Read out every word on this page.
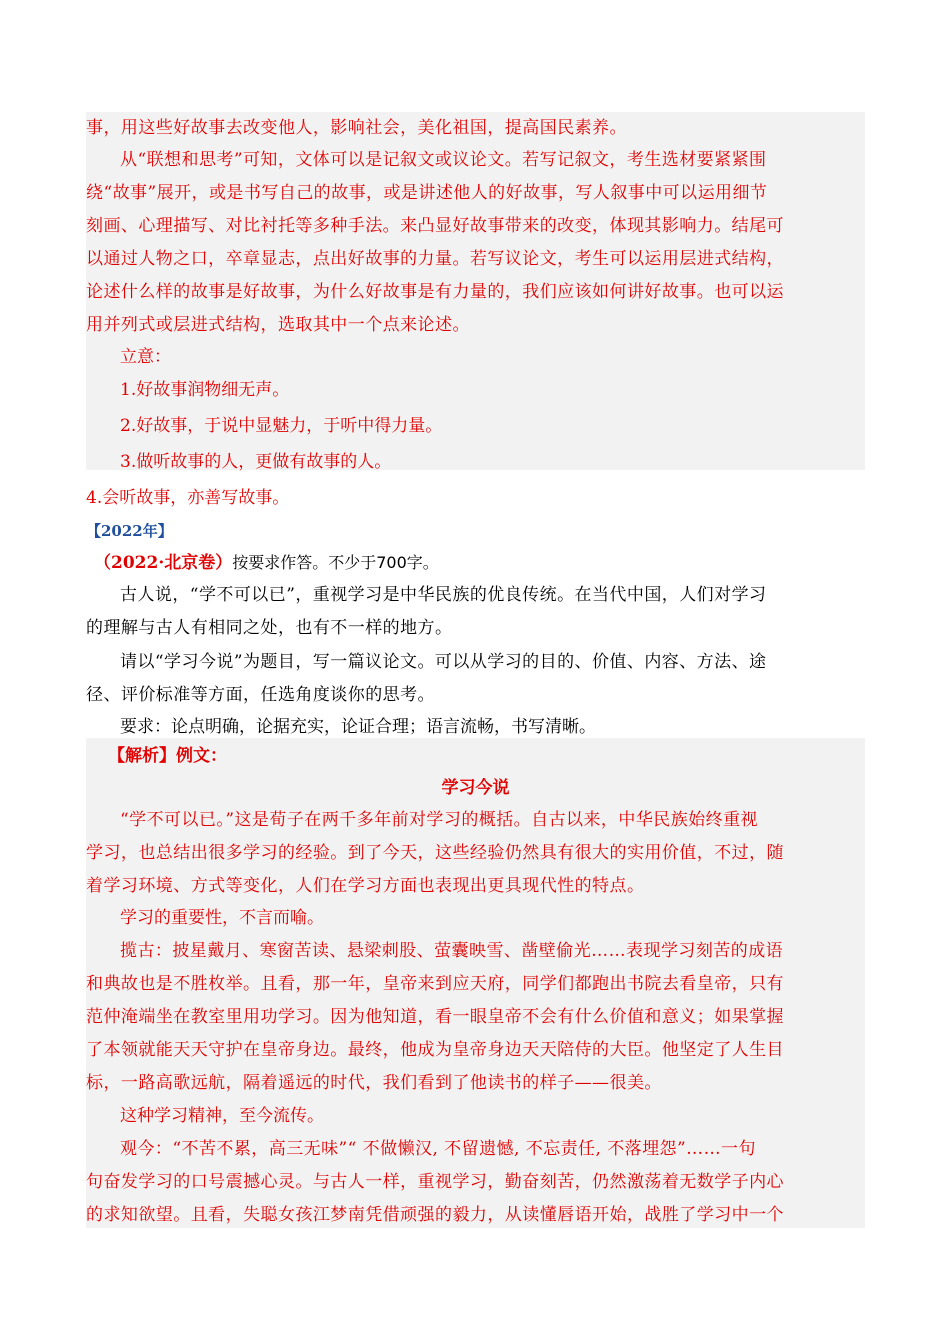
事，用这些好故事去改变他人，影响社会，美化祖国，提高国民素养。
从“联想和思考”可知，文体可以是记叙文或议论文。若写记叙文，考生选材要紧紧围
绕“故事”展开，或是书写自己的故事，或是讲述他人的好故事，写人叙事中可以运用细节
刻画、心理描写、对比衬托等多种手法。来凸显好故事带来的改变，体现其影响力。结尾可
以通过人物之口，卒章显志，点出好故事的力量。若写议论文，考生可以运用层进式结构，
论述什么样的故事是好故事，为什么好故事是有力量的，我们应该如何讲好故事。也可以运
用并列式或层进式结构，选取其中一个点来论述。
立意：
1.好故事润物细无声。
2.好故事，于说中显魅力，于听中得力量。
3.做听故事的人，更做有故事的人。
4.会听故事，亦善写故事。
【2022年】
（2022·北京卷）按要求作答。不少于700字。
古人说，“学不可以已”，重视学习是中华民族的优良传统。在当代中国，人们对学习
的理解与古人有相同之处，也有不一样的地方。
请以“学习今说”为题目，写一篇议论文。可以从学习的目的、价值、内容、方法、途
径、评价标准等方面，任选角度谈你的思考。
要求：论点明确，论据充实，论证合理；语言流畅，书写清晰。
【解析】例文：
学习今说
“学不可以已。”这是荀子在两千多年前对学习的概括。自古以来，中华民族始终重视
学习，也总结出很多学习的经验。到了今天，这些经验仍然具有很大的实用价值，不过，随
着学习环境、方式等变化，人们在学习方面也表现出更具现代性的特点。
学习的重要性，不言而喻。
揽古：披星戴月、寒窗苦读、悬梁刺股、萤囊映雪、凿壁偷光……表现学习刻苦的成语
和典故也是不胜枚举。且看，那一年，皇帝来到应天府，同学们都跑出书院去看皇帝，只有
范仲淹端坐在教室里用功学习。因为他知道，看一眼皇帝不会有什么价值和意义；如果掌握
了本领就能天天守护在皇帝身边。最终，他成为皇帝身边天天陪侍的大臣。他坚定了人生目
标，一路高歌远航，隔着遥远的时代，我们看到了他读书的样子——很美。
这种学习精神，至今流传。
观今：“不苦不累，高三无味”“ 不做懒汉, 不留遗憾, 不忘责任, 不落埋怨”……一句
句奋发学习的口号震撼心灵。与古人一样，重视学习，勤奋刻苦，仍然激荡着无数学子内心
的求知欲望。且看，失聪女孩江梦南凭借顽强的毅力，从读懂唇语开始，战胜了学习中一个
